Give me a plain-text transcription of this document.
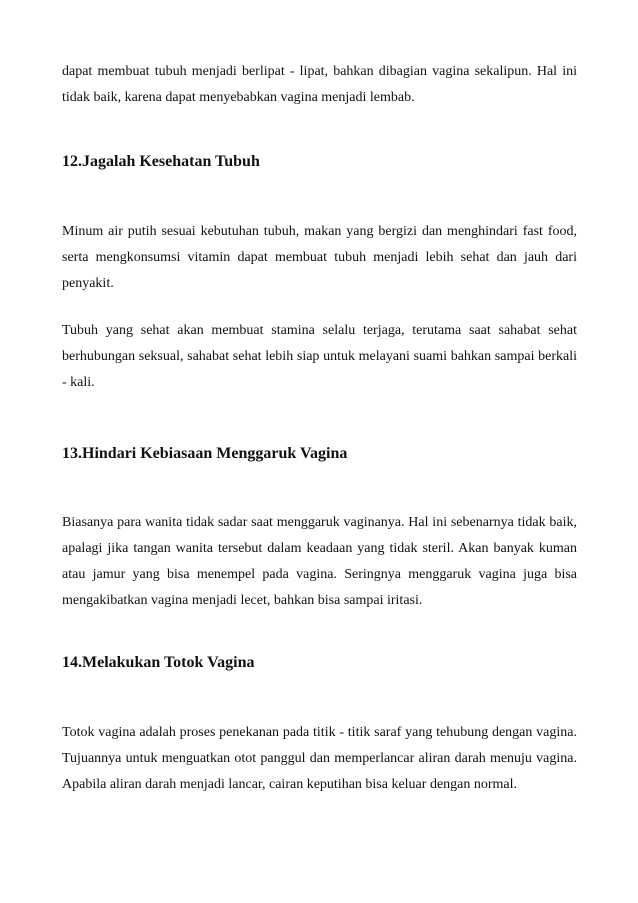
dapat membuat tubuh menjadi berlipat - lipat, bahkan dibagian vagina sekalipun. Hal ini tidak baik, karena dapat menyebabkan vagina menjadi lembab.

12.Jagalah Kesehatan Tubuh

Minum air putih sesuai kebutuhan tubuh, makan yang bergizi dan menghindari fast food, serta mengkonsumsi vitamin dapat membuat tubuh menjadi lebih sehat dan jauh dari penyakit.

Tubuh yang sehat akan membuat stamina selalu terjaga, terutama saat sahabat sehat berhubungan seksual, sahabat sehat lebih siap untuk melayani suami bahkan sampai berkali - kali.

13.Hindari Kebiasaan Menggaruk Vagina

Biasanya para wanita tidak sadar saat menggaruk vaginanya. Hal ini sebenarnya tidak baik, apalagi jika tangan wanita tersebut dalam keadaan yang tidak steril. Akan banyak kuman atau jamur yang bisa menempel pada vagina. Seringnya menggaruk vagina juga bisa mengakibatkan vagina menjadi lecet, bahkan bisa sampai iritasi.

14.Melakukan Totok Vagina

Totok vagina adalah proses penekanan pada titik - titik saraf yang tehubung dengan vagina. Tujuannya untuk menguatkan otot panggul dan memperlancar aliran darah menuju vagina. Apabila aliran darah menjadi lancar, cairan keputihan bisa keluar dengan normal.
